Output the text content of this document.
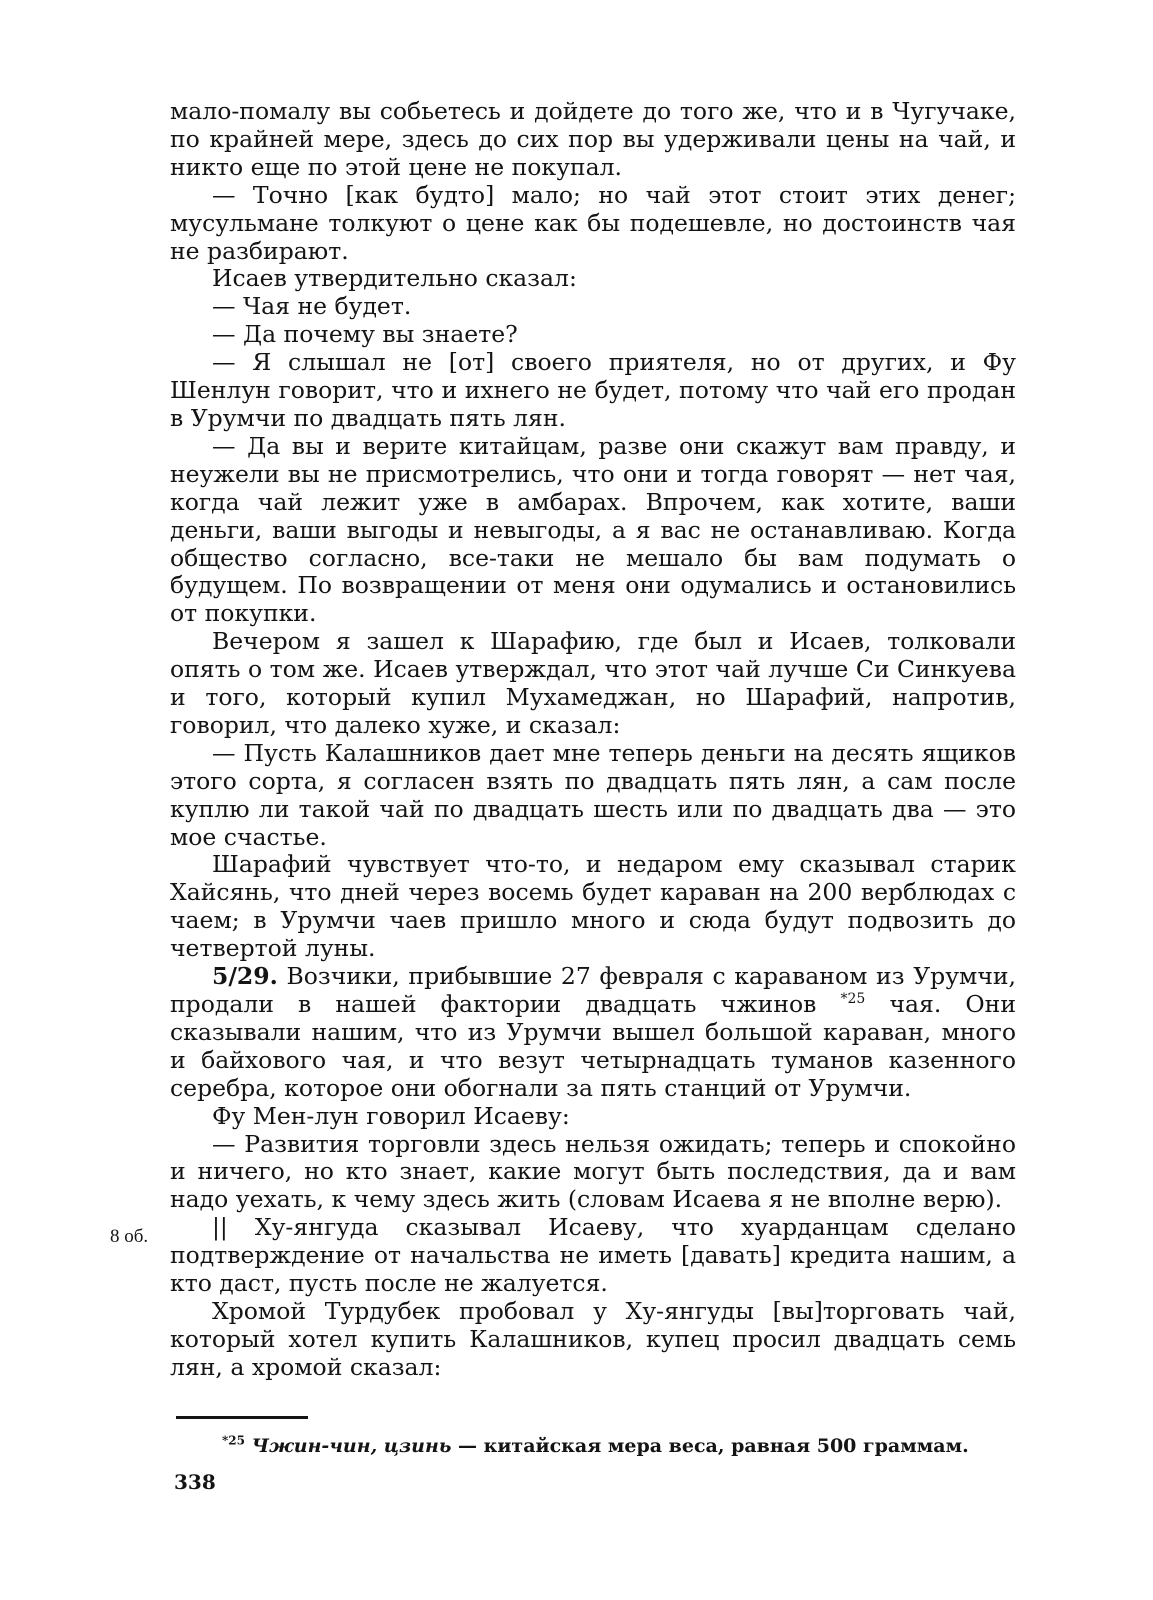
мало-помалу вы собьетесь и дойдете до того же, что и в Чугучаке, по крайней мере, здесь до сих пор вы удерживали цены на чай, и никто еще по этой цене не покупал.

— Точно [как будто] мало; но чай этот стоит этих денег; мусульмане толкуют о цене как бы подешевле, но достоинств чая не разбирают.

Исаев утвердительно сказал:

— Чая не будет.

— Да почему вы знаете?

— Я слышал не [от] своего приятеля, но от других, и Фу Шенлун говорит, что и ихнего не будет, потому что чай его продан в Урумчи по двадцать пять лян.

— Да вы и верите китайцам, разве они скажут вам правду, и неужели вы не присмотрелись, что они и тогда говорят — нет чая, когда чай лежит уже в амбарах. Впрочем, как хотите, ваши деньги, ваши выгоды и невыгоды, а я вас не останавливаю. Когда общество согласно, все-таки не мешало бы вам подумать о будущем. По возвращении от меня они одумались и остановились от покупки.

Вечером я зашел к Шарафию, где был и Исаев, толковали опять о том же. Исаев утверждал, что этот чай лучше Си Синкуева и того, который купил Мухамеджан, но Шарафий, напротив, говорил, что далеко хуже, и сказал:

— Пусть Калашников дает мне теперь деньги на десять ящиков этого сорта, я согласен взять по двадцать пять лян, а сам после куплю ли такой чай по двадцать шесть или по двадцать два — это мое счастье.

Шарафий чувствует что-то, и недаром ему сказывал старик Хайсянь, что дней через восемь будет караван на 200 верблюдах с чаем; в Урумчи чаев пришло много и сюда будут подвозить до четвертой луны.

5/29. Возчики, прибывшие 27 февраля с караваном из Урумчи, продали в нашей фактории двадцать чжинов $^{*25}$ чая. Они сказывали нашим, что из Урумчи вышел большой караван, много и байхового чая, и что везут четырнадцать туманов казенного серебра, которое они обогнали за пять станций от Урумчи.

Фу Мен-лун говорил Исаеву:

— Развития торговли здесь нельзя ожидать; теперь и спокойно и ничего, но кто знает, какие могут быть последствия, да и вам надо уехать, к чему здесь жить (словам Исаева я не вполне верю).

|| Ху-янгуда сказывал Исаеву, что хуарданцам сделано подтверждение от начальства не иметь [давать] кредита нашим, а кто даст, пусть после не жалуется.

Хромой Турдубек пробовал у Ху-янгуды [вы]торговать чай, который хотел купить Калашников, купец просил двадцать семь лян, а хромой сказал:

8 об.
$^{*25}$ Чжин-чин, цзинь — китайская мера веса, равная 500 граммам.
338
